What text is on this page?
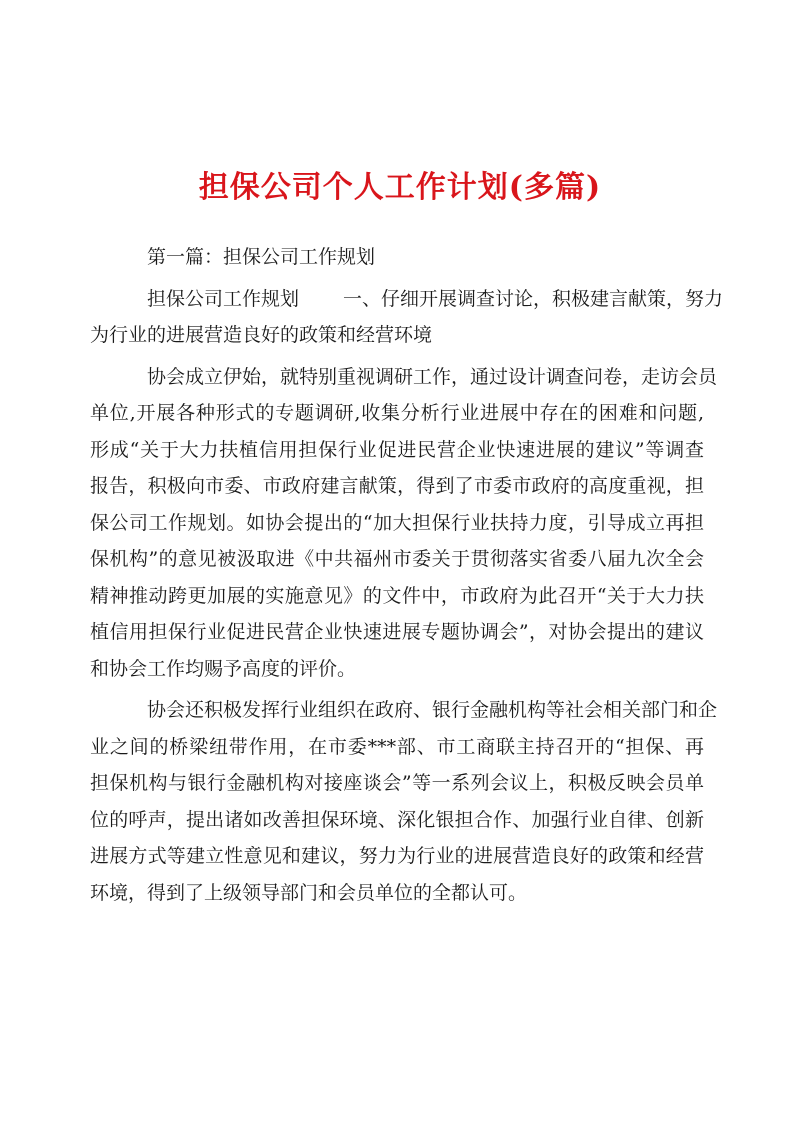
担保公司个人工作计划(多篇)

第一篇：担保公司工作规划

担保公司工作规划　　 一、仔细开展调查讨论，积极建言献策，努力
为行业的进展营造良好的政策和经营环境

协会成立伊始，就特别重视调研工作，通过设计调查问卷，走访会员
单位,开展各种形式的专题调研,收集分析行业进展中存在的困难和问题,
形成“关于大力扶植信用担保行业促进民营企业快速进展的建议”等调查
报告，积极向市委、市政府建言献策，得到了市委市政府的高度重视，担
保公司工作规划。如协会提出的“加大担保行业扶持力度，引导成立再担
保机构”的意见被汲取进《中共福州市委关于贯彻落实省委八届九次全会
精神推动跨更加展的实施意见》的文件中，市政府为此召开“关于大力扶
植信用担保行业促进民营企业快速进展专题协调会”，对协会提出的建议
和协会工作均赐予高度的评价。

协会还积极发挥行业组织在政府、银行金融机构等社会相关部门和企
业之间的桥梁纽带作用，在市委***部、市工商联主持召开的“担保、再
担保机构与银行金融机构对接座谈会”等一系列会议上，积极反映会员单
位的呼声，提出诸如改善担保环境、深化银担合作、加强行业自律、创新
进展方式等建立性意见和建议，努力为行业的进展营造良好的政策和经营
环境，得到了上级领导部门和会员单位的全都认可。
